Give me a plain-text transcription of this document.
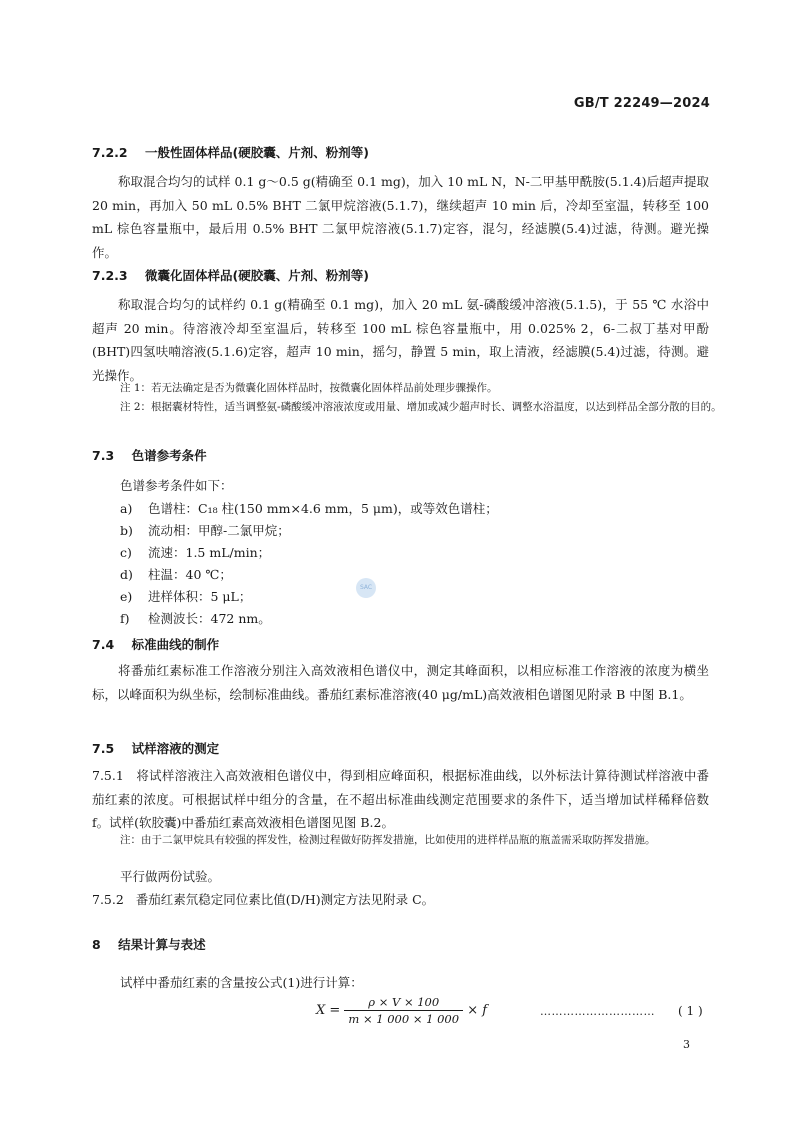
GB/T 22249—2024
7.2.2 一般性固体样品(硬胶囊、片剂、粉剂等)
称取混合均匀的试样 0.1 g～0.5 g(精确至 0.1 mg)，加入 10 mL N，N-二甲基甲酰胺(5.1.4)后超声提取 20 min，再加入 50 mL 0.5% BHT 二氯甲烷溶液(5.1.7)，继续超声 10 min 后，冷却至室温，转移至 100 mL 棕色容量瓶中，最后用 0.5% BHT 二氯甲烷溶液(5.1.7)定容，混匀，经滤膜(5.4)过滤，待测。避光操作。
7.2.3 微囊化固体样品(硬胶囊、片剂、粉剂等)
称取混合均匀的试样约 0.1 g(精确至 0.1 mg)，加入 20 mL 氨-磷酸缓冲溶液(5.1.5)，于 55 ℃ 水浴中超声 20 min。待溶液冷却至室温后，转移至 100 mL 棕色容量瓶中，用 0.025% 2，6-二叔丁基对甲酚(BHT)四氢呋喃溶液(5.1.6)定容，超声 10 min，摇匀，静置 5 min，取上清液，经滤膜(5.4)过滤，待测。避光操作。
注 1：若无法确定是否为微囊化固体样品时，按微囊化固体样品前处理步骤操作。
注 2：根据囊材特性，适当调整氨-磷酸缓冲溶液浓度或用量、增加或减少超声时长、调整水浴温度，以达到样品全部分散的目的。
7.3 色谱参考条件
色谱参考条件如下：
a) 色谱柱：C₁₈ 柱(150 mm×4.6 mm，5 μm)，或等效色谱柱；
b) 流动相：甲醇-二氯甲烷；
c) 流速：1.5 mL/min；
d) 柱温：40 ℃；
e) 进样体积：5 μL；
f) 检测波长：472 nm。
SAC
7.4 标准曲线的制作
将番茄红素标准工作溶液分别注入高效液相色谱仪中，测定其峰面积，以相应标准工作溶液的浓度为横坐标，以峰面积为纵坐标，绘制标准曲线。番茄红素标准溶液(40 μg/mL)高效液相色谱图见附录 B 中图 B.1。
7.5 试样溶液的测定
7.5.1 将试样溶液注入高效液相色谱仪中，得到相应峰面积，根据标准曲线，以外标法计算待测试样溶液中番茄红素的浓度。可根据试样中组分的含量，在不超出标准曲线测定范围要求的条件下，适当增加试样稀释倍数 f。试样(软胶囊)中番茄红素高效液相色谱图见图 B.2。
注：由于二氯甲烷具有较强的挥发性，检测过程做好防挥发措施，比如使用的进样样品瓶的瓶盖需采取防挥发措施。
平行做两份试验。
7.5.2 番茄红素氘稳定同位素比值(D/H)测定方法见附录 C。
8 结果计算与表述
试样中番茄红素的含量按公式(1)进行计算：
$X = \frac{\rho \times V \times 100}{m \times 1 000 \times 1 000} \times f$	………………………… ( 1 )
3
